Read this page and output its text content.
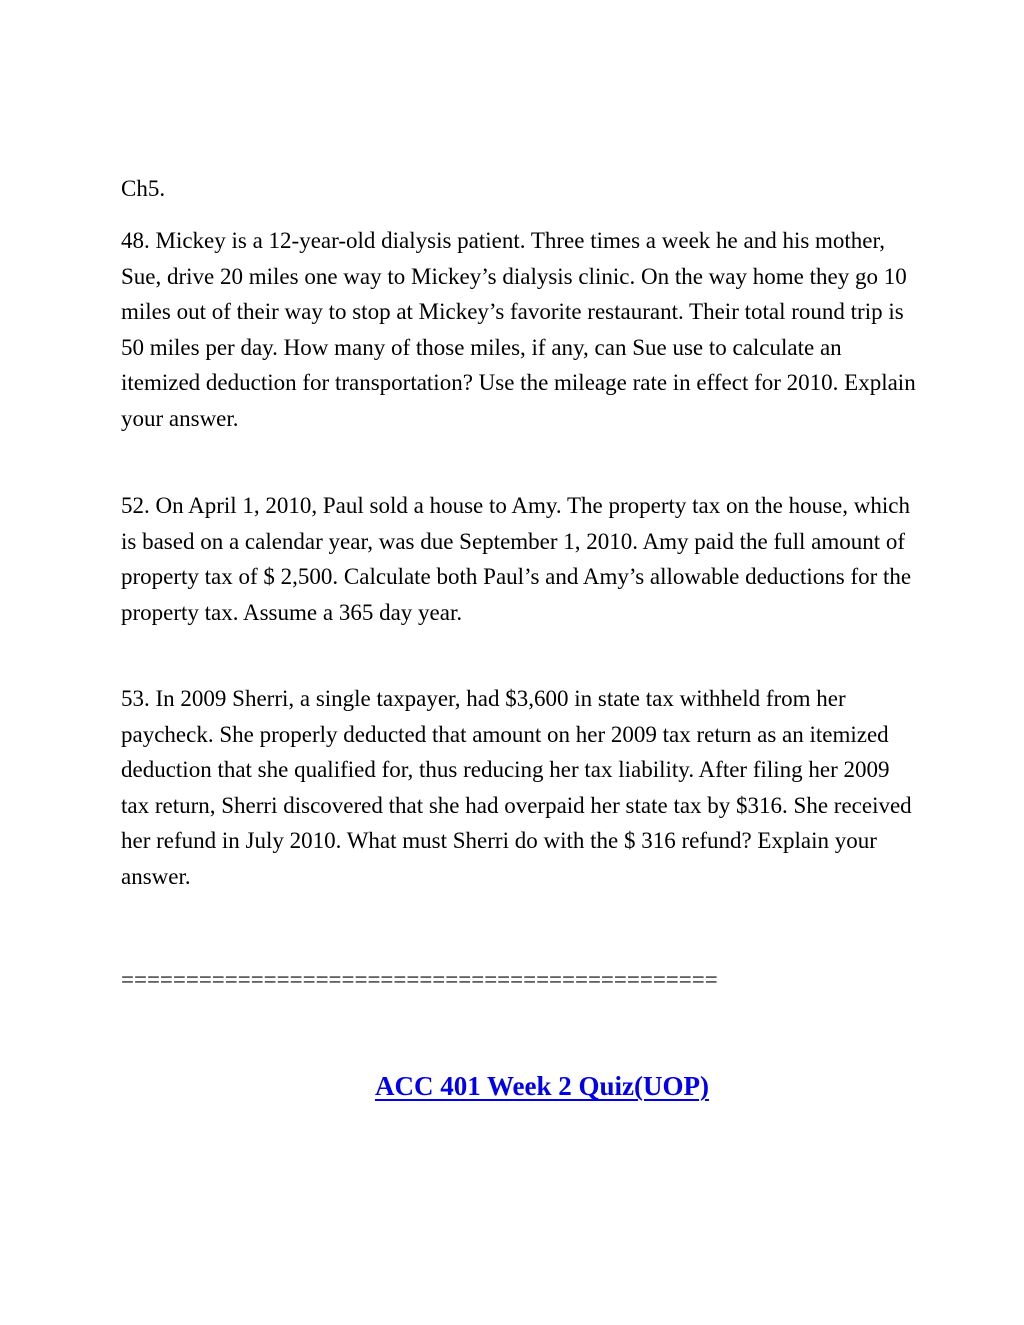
Ch5.

48. Mickey is a 12-year-old dialysis patient. Three times a week he and his mother, Sue, drive 20 miles one way to Mickey’s dialysis clinic. On the way home they go 10 miles out of their way to stop at Mickey’s favorite restaurant. Their total round trip is 50 miles per day. How many of those miles, if any, can Sue use to calculate an itemized deduction for transportation? Use the mileage rate in effect for 2010. Explain your answer.

52. On April 1, 2010, Paul sold a house to Amy. The property tax on the house, which is based on a calendar year, was due September 1, 2010. Amy paid the full amount of property tax of $ 2,500. Calculate both Paul’s and Amy’s allowable deductions for the property tax. Assume a 365 day year.

53. In 2009 Sherri, a single taxpayer, had $3,600 in state tax withheld from her paycheck. She properly deducted that amount on her 2009 tax return as an itemized deduction that she qualified for, thus reducing her tax liability. After filing her 2009 tax return, Sherri discovered that she had overpaid her state tax by $316. She received her refund in July 2010. What must Sherri do with the $ 316 refund? Explain your answer.

==============================================

ACC 401 Week 2 Quiz(UOP)
